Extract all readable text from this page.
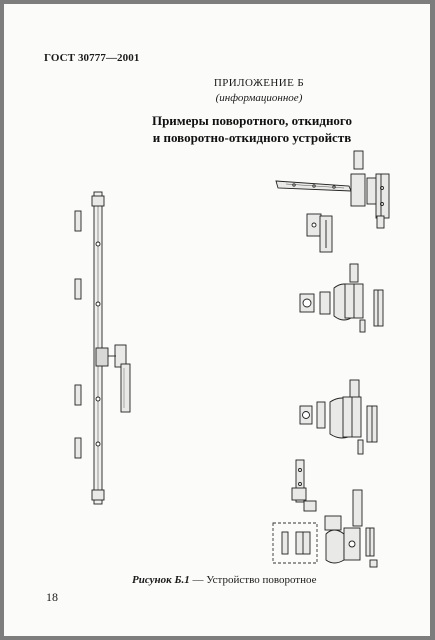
ГОСТ 30777—2001
ПРИЛОЖЕНИЕ Б
(информационное)
Примеры поворотного, откидного
и поворотно-откидного устройств
Рисунок Б.1 — Устройство поворотное
18
